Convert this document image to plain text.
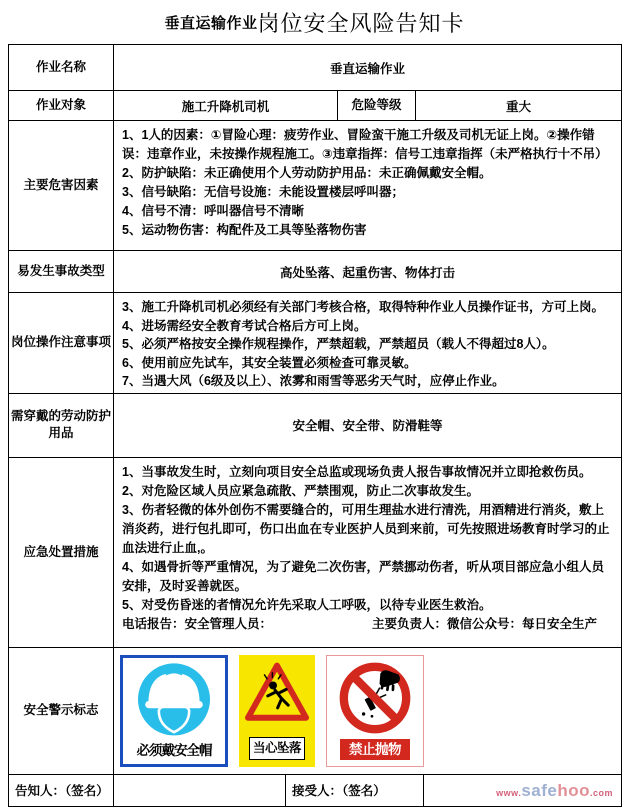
垂直运输作业 岗位安全风险告知卡
作业名称	垂直运输作业				
作业对象	施工升降机司机		危险等级	重大	
主要危害因素	1、1人的因素：①冒险心理：疲劳作业、冒险蛮干施工升级及司机无证上岗。②操作错误：违章作业，未按操作规程施工。③违章指挥：信号工违章指挥（未严格执行十不吊）
2、防护缺陷：未正确使用个人劳动防护用品：未正确佩戴安全帽。
3、信号缺陷：无信号设施：未能设置楼层呼叫器；
4、信号不清：呼叫器信号不清晰
5、运动物伤害：构配件及工具等坠落物伤害				

易发生事故类型	高处坠落、起重伤害、物体打击				
岗位操作注意事项	3、施工升降机司机必须经有关部门考核合格，取得特种作业人员操作证书，方可上岗。
4、进场需经安全教育考试合格后方可上岗。
5、必须严格按安全操作规程操作，严禁超载，严禁超员（载人不得超过8人）。
6、使用前应先试车，其安全装置必须检查可靠灵敏。
7、当遇大风（6级及以上）、浓雾和雨雪等恶劣天气时，应停止作业。				

需穿戴的劳动防护用品	安全帽、安全带、防滑鞋等				
应急处置措施	
1、当事故发生时，立刻向项目安全总监或现场负责人报告事故情况并立即抢救伤员。
2、对危险区域人员应紧急疏散、严禁围观，防止二次事故发生。
3、伤者轻微的体外创伤不需要缝合的，可用生理盐水进行清洗，用酒精进行消炎，敷上消炎药，进行包扎即可，伤口出血在专业医护人员到来前，可先按照进场教育时学习的止血法进行止血,。
4、如遇骨折等严重情况，为了避免二次伤害，严禁挪动伤者，听从项目部应急小组人员安排，及时妥善就医。
5、对受伤昏迷的者情况允许先采取人工呼吸，以待专业医生救治。
电话报告：安全管理人员：	主要负责人：微信公众号：每日安全生产

安全警示标志	必须戴安全帽 当心坠落 禁止抛物				

告知人：（签名）		接受人：（签名）			www. safe hoo .com
